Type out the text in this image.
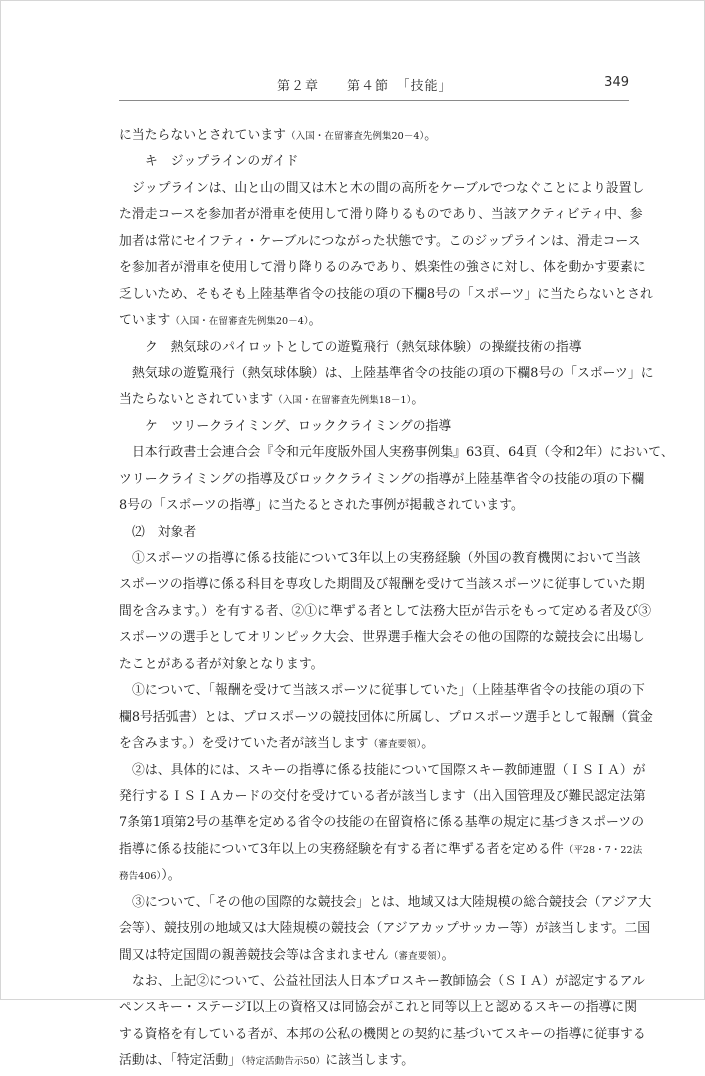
第２章　　第４節　「技能」	349
に当たらないとされています（入国・在留審査先例集20－4）。
キ　ジップラインのガイド
ジップラインは、山と山の間又は木と木の間の高所をケーブルでつなぐことにより設置し
た滑走コースを参加者が滑車を使用して滑り降りるものであり、当該アクティビティ中、参
加者は常にセイフティ・ケーブルにつながった状態です。このジップラインは、滑走コース
を参加者が滑車を使用して滑り降りるのみであり、娯楽性の強さに対し、体を動かす要素に
乏しいため、そもそも上陸基準省令の技能の項の下欄8号の「スポーツ」に当たらないとされ
ています（入国・在留審査先例集20－4）。
ク　熱気球のパイロットとしての遊覧飛行（熱気球体験）の操縦技術の指導
熱気球の遊覧飛行（熱気球体験）は、上陸基準省令の技能の項の下欄8号の「スポーツ」に
当たらないとされています（入国・在留審査先例集18－1）。
ケ　ツリークライミング、ロッククライミングの指導
日本行政書士会連合会『令和元年度版外国人実務事例集』63頁、64頁（令和2年）において、
ツリークライミングの指導及びロッククライミングの指導が上陸基準省令の技能の項の下欄
8号の「スポーツの指導」に当たるとされた事例が掲載されています。
⑵　対象者
①スポーツの指導に係る技能について3年以上の実務経験（外国の教育機関において当該
スポーツの指導に係る科目を専攻した期間及び報酬を受けて当該スポーツに従事していた期
間を含みます。）を有する者、②①に準ずる者として法務大臣が告示をもって定める者及び③
スポーツの選手としてオリンピック大会、世界選手権大会その他の国際的な競技会に出場し
たことがある者が対象となります。
①について、「報酬を受けて当該スポーツに従事していた」（上陸基準省令の技能の項の下
欄8号括弧書）とは、プロスポーツの競技団体に所属し、プロスポーツ選手として報酬（賞金
を含みます。）を受けていた者が該当します（審査要領）。
②は、具体的には、スキーの指導に係る技能について国際スキー教師連盟（ＩＳＩＡ）が
発行するＩＳＩＡカードの交付を受けている者が該当します（出入国管理及び難民認定法第
7条第1項第2号の基準を定める省令の技能の在留資格に係る基準の規定に基づきスポーツの
指導に係る技能について3年以上の実務経験を有する者に準ずる者を定める件（平28・7・22法
務告406））。
③について、「その他の国際的な競技会」とは、地域又は大陸規模の総合競技会（アジア大
会等）、競技別の地域又は大陸規模の競技会（アジアカップサッカー等）が該当します。二国
間又は特定国間の親善競技会等は含まれません（審査要領）。
なお、上記②について、公益社団法人日本プロスキー教師協会（ＳＩＡ）が認定するアル
ペンスキー・ステージⅠ以上の資格又は同協会がこれと同等以上と認めるスキーの指導に関
する資格を有している者が、本邦の公私の機関との契約に基づいてスキーの指導に従事する
活動は、「特定活動」（特定活動告示50）に該当します。
